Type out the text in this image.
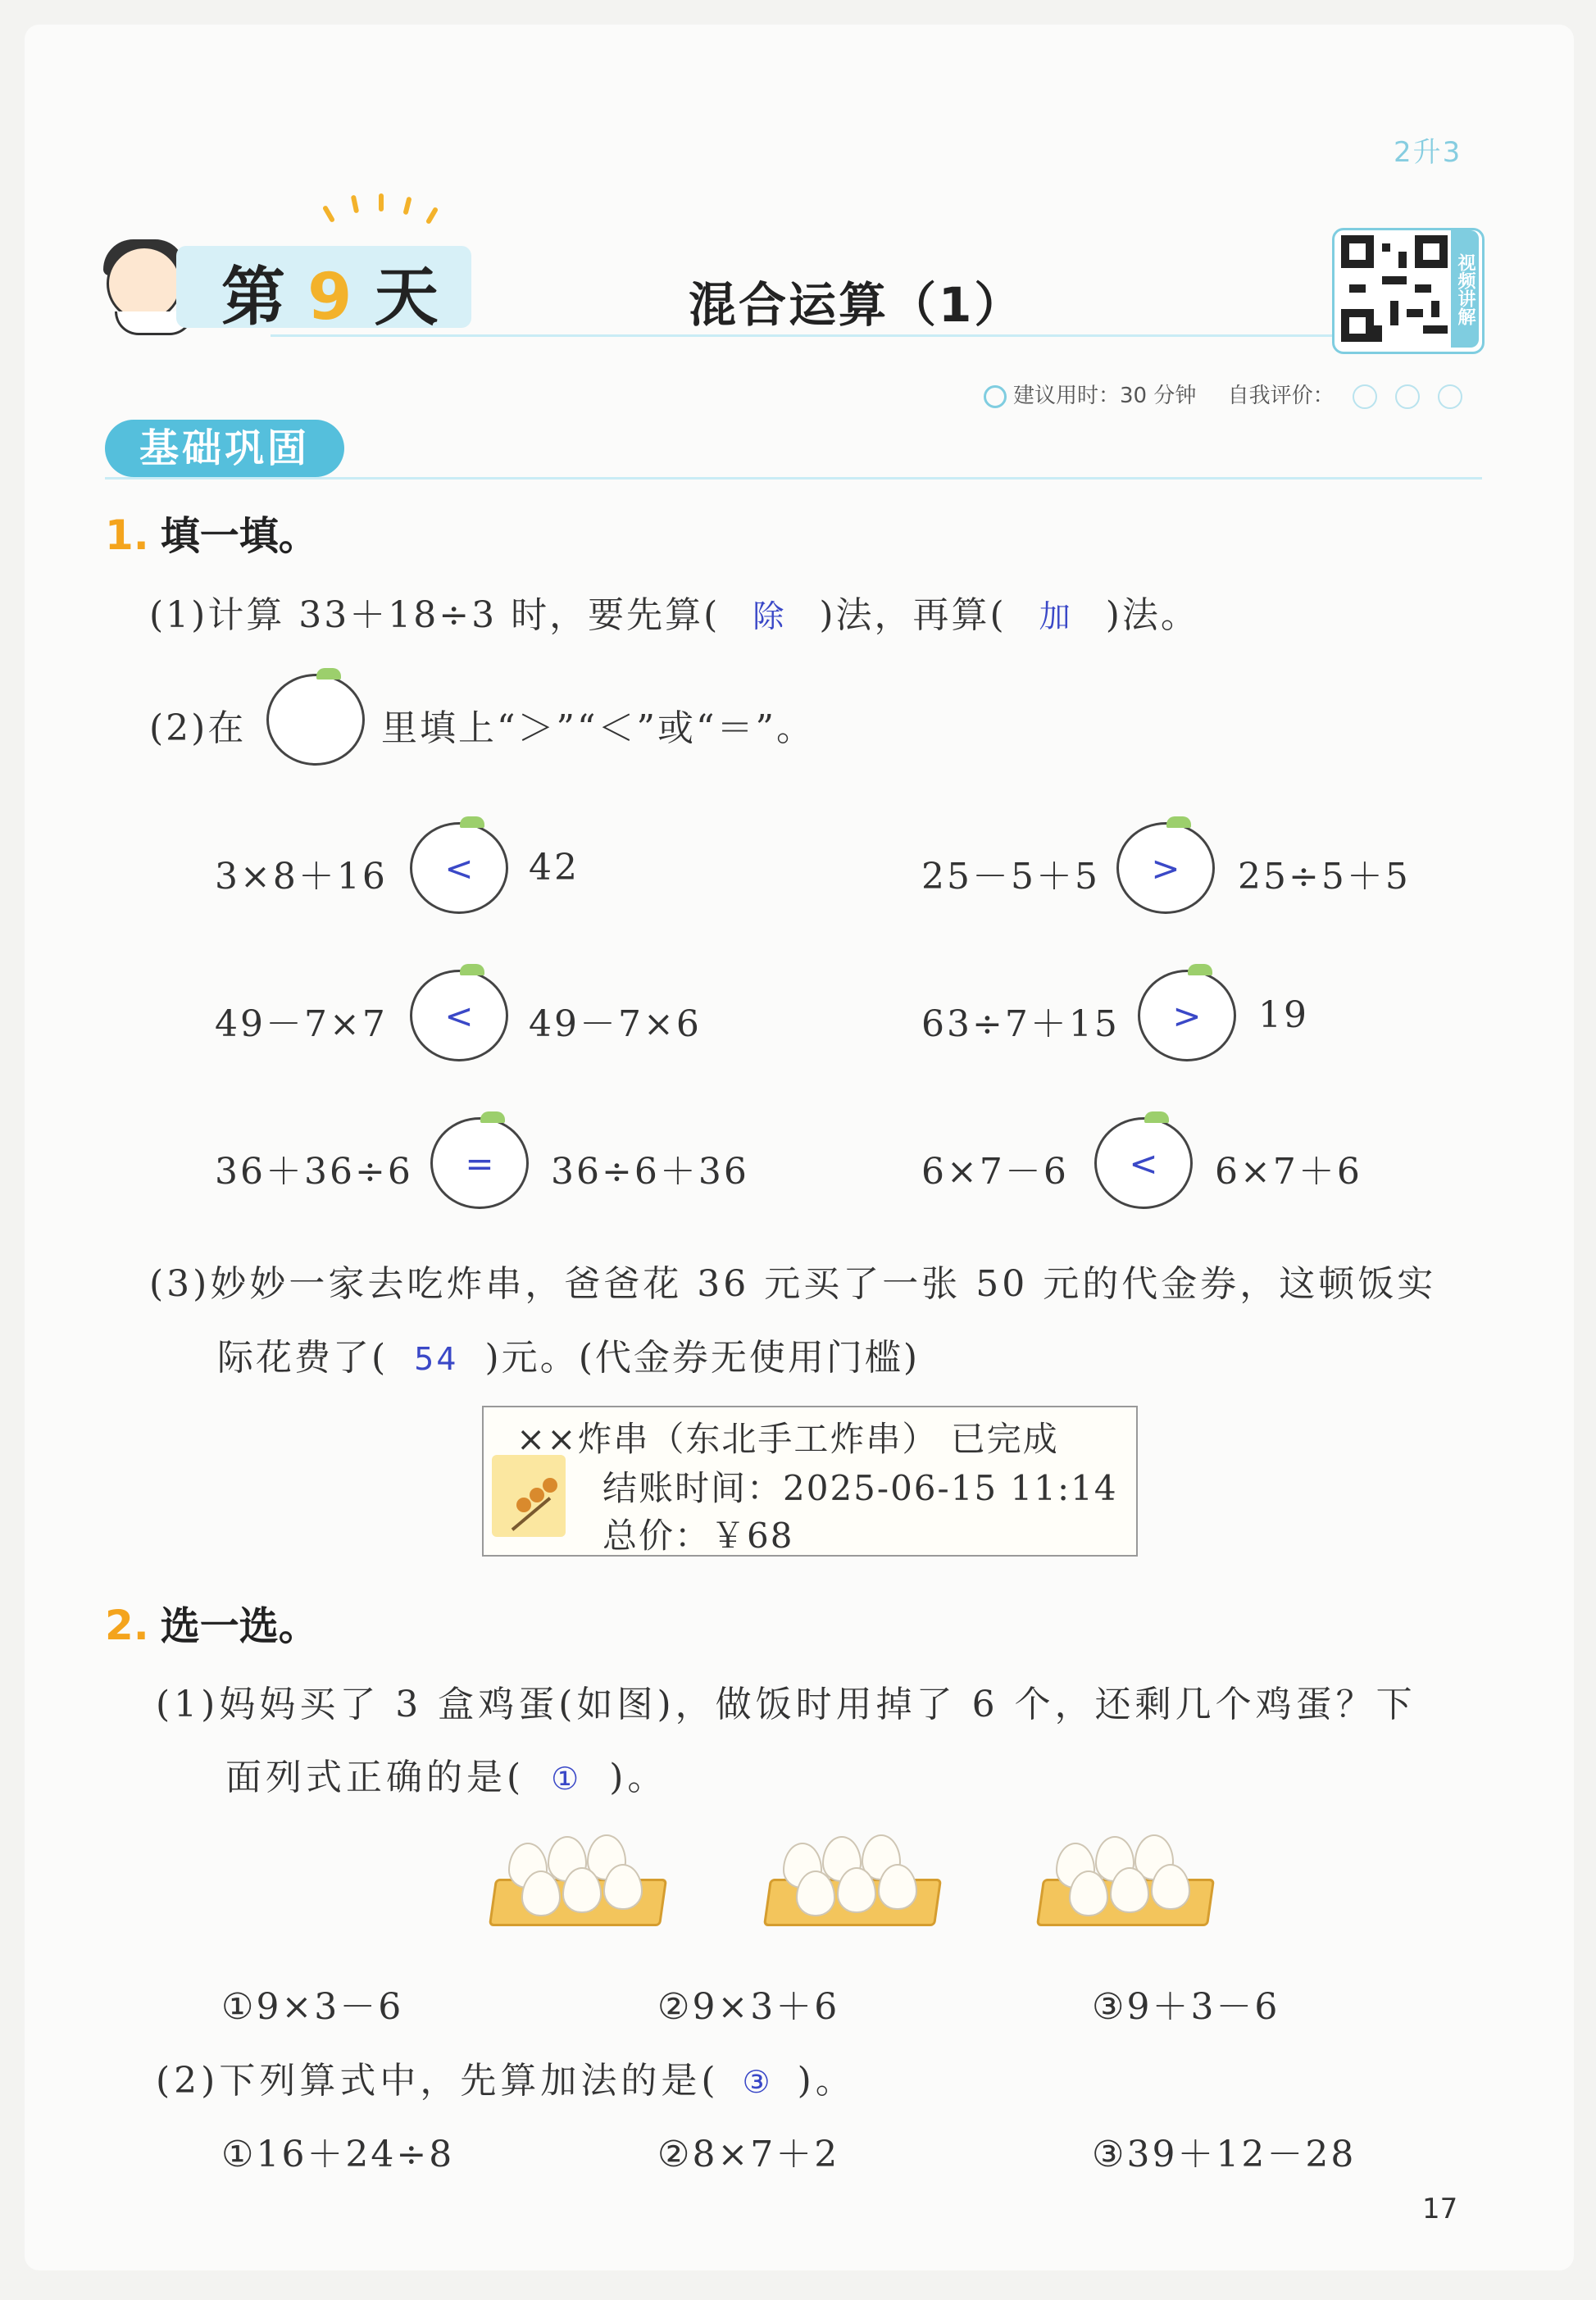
2升3
第 9 天	混合运算（1）	视频讲解
建议用时：30 分钟 自我评价：
基础巩固
1. 填一填。
(1)计算 33＋18÷3 时，要先算( 除 )法，再算( 加 )法。
(2)在	里填上“＞”“＜”或“＝”。
3×8＋16 < 42	25－5＋5 > 25÷5＋5
49－7×7 < 49－7×6	63÷7＋15 > 19
36＋36÷6 = 36÷6＋36	6×7－6 < 6×7＋6
(3)妙妙一家去吃炸串，爸爸花 36 元买了一张 50 元的代金券，这顿饭实
际花费了( 54 )元。(代金券无使用门槛)
××炸串（东北手工炸串） 已完成
结账时间：2025-06-15 11:14
总价：￥68
2. 选一选。
(1)妈妈买了 3 盒鸡蛋(如图)，做饭时用掉了 6 个，还剩几个鸡蛋？下
面列式正确的是( ① )。
①9×3－6	②9×3＋6	③9＋3－6
(2)下列算式中，先算加法的是( ③ )。
①16＋24÷8	②8×7＋2	③39＋12－28
17
